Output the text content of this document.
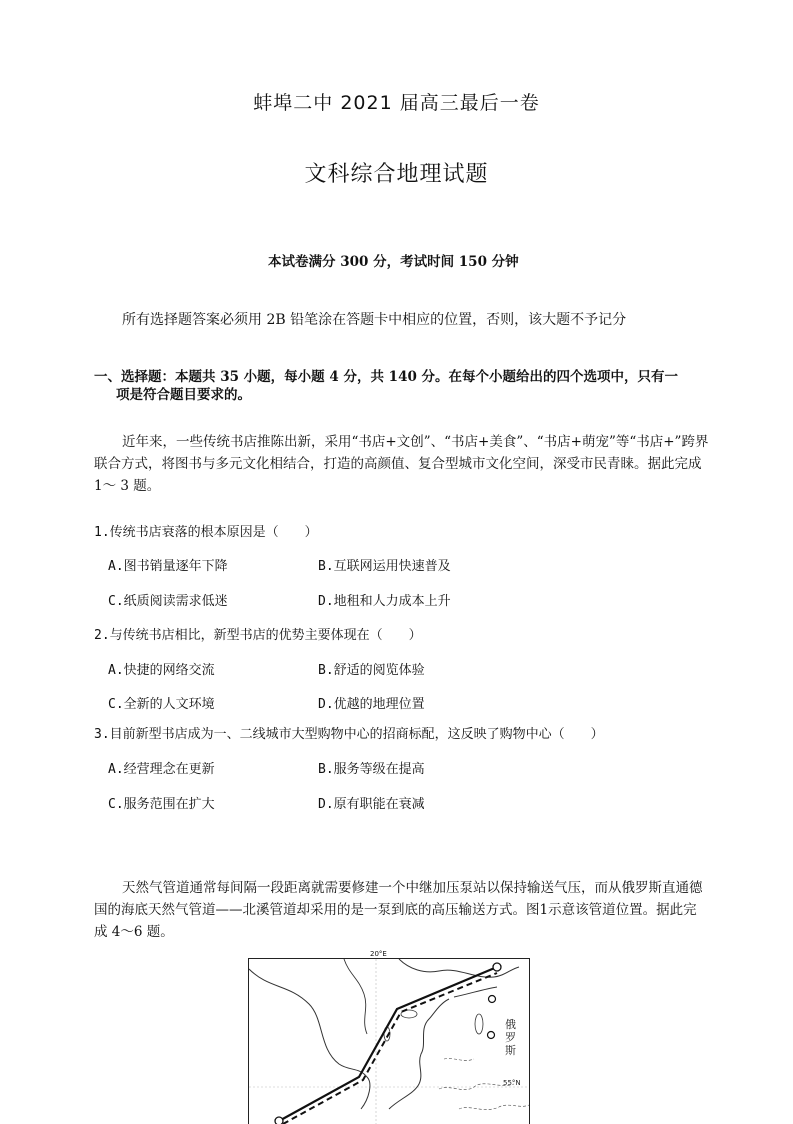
蚌埠二中 2021 届高三最后一卷
文科综合地理试题
本试卷满分 300 分，考试时间 150 分钟
所有选择题答案必须用 2B 铅笔涂在答题卡中相应的位置，否则，该大题不予记分
一、选择题：本题共 35 小题，每小题 4 分，共 140 分。在每个小题给出的四个选项中，只有一
项是符合题目要求的。
近年来，一些传统书店推陈出新，采用“书店+文创”、“书店+美食”、“书店+萌宠”等“书店+”跨界联合方式，将图书与多元文化相结合，打造的高颜值、复合型城市文化空间，深受市民青睐。据此完成 1～ 3 题。
1.传统书店衰落的根本原因是（　　）
A.图书销量逐年下降	B.互联网运用快速普及
C.纸质阅读需求低迷	D.地租和人力成本上升
2.与传统书店相比，新型书店的优势主要体现在（　　）
A.快捷的网络交流	B.舒适的阅览体验
C.全新的人文环境	D.优越的地理位置
3.目前新型书店成为一、二线城市大型购物中心的招商标配，这反映了购物中心（　　）
A.经营理念在更新	B.服务等级在提高
C.服务范围在扩大	D.原有职能在衰减
天然气管道通常每间隔一段距离就需要修建一个中继加压泵站以保持输送气压，而从俄罗斯直通德国的海底天然气管道——北溪管道却采用的是一泵到底的高压输送方式。图1示意该管道位置。据此完成 4～6 题。
55°N
俄
罗
斯
20°E
